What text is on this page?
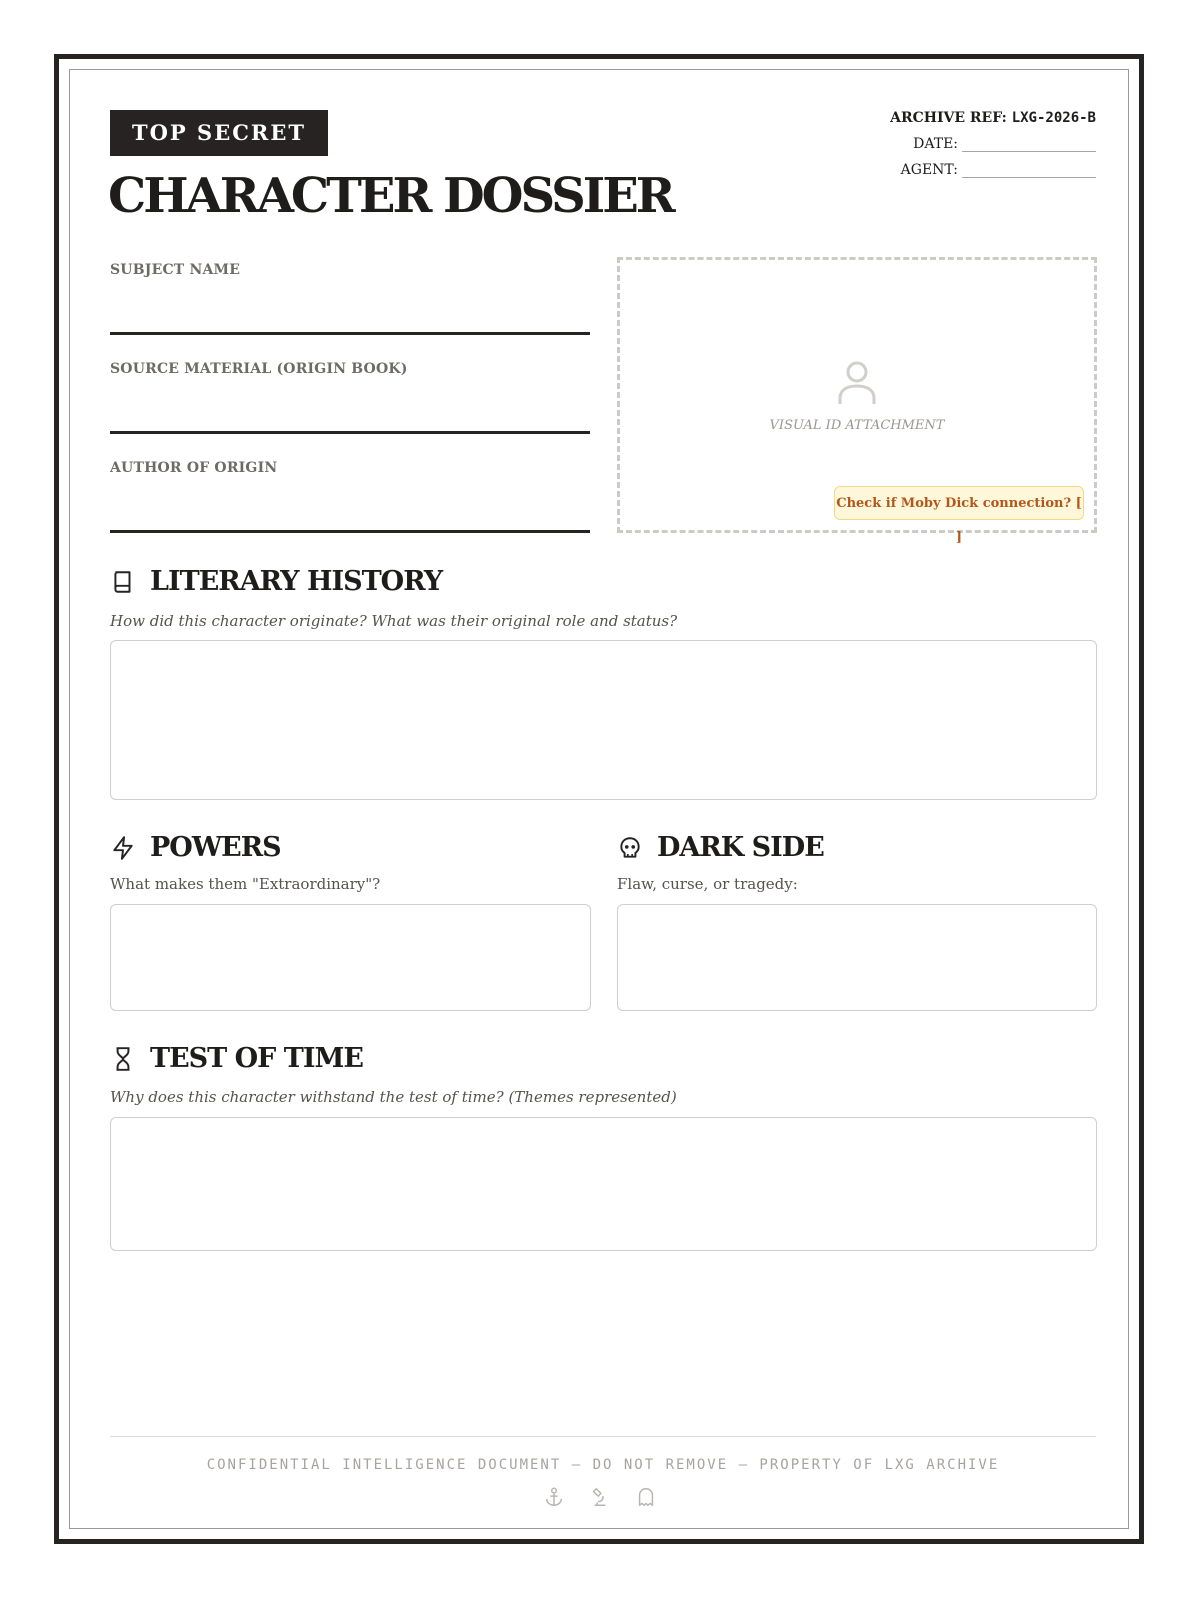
TOP SECRET
CHARACTER DOSSIER
ARCHIVE REF: LXG-2026-B
DATE:
AGENT:
SUBJECT NAME
SOURCE MATERIAL (ORIGIN BOOK)
AUTHOR OF ORIGIN
VISUAL ID ATTACHMENT
Check if Moby Dick connection? [ ]
LITERARY HISTORY
How did this character originate? What was their original role and status?
POWERS
What makes them "Extraordinary"?
DARK SIDE
Flaw, curse, or tragedy:
TEST OF TIME
Why does this character withstand the test of time? (Themes represented)
CONFIDENTIAL INTELLIGENCE DOCUMENT — DO NOT REMOVE — PROPERTY OF LXG ARCHIVE
